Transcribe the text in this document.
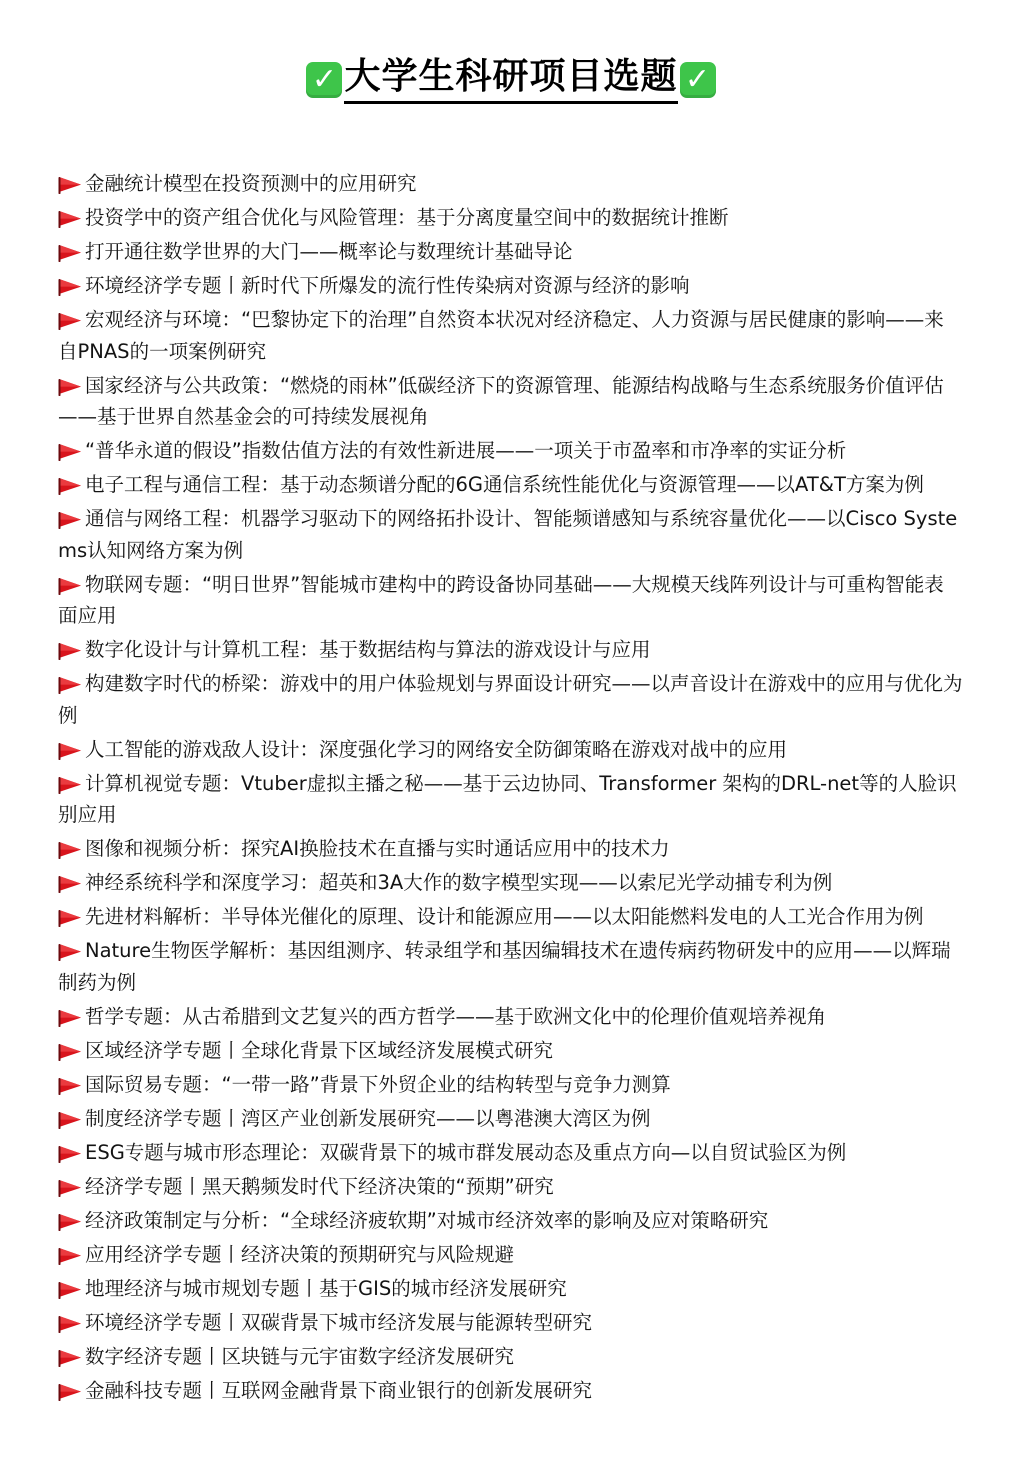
✓ 大学生科研项目选题 ✓
金融统计模型在投资预测中的应用研究
投资学中的资产组合优化与风险管理：基于分离度量空间中的数据统计推断
打开通往数学世界的大门——概率论与数理统计基础导论
环境经济学专题丨新时代下所爆发的流行性传染病对资源与经济的影响
宏观经济与环境：“巴黎协定下的治理”自然资本状况对经济稳定、人力资源与居民健康的影响——来自PNAS的一项案例研究
国家经济与公共政策：“燃烧的雨林”低碳经济下的资源管理、能源结构战略与生态系统服务价值评估——基于世界自然基金会的可持续发展视角
“普华永道的假设”指数估值方法的有效性新进展——一项关于市盈率和市净率的实证分析
电子工程与通信工程：基于动态频谱分配的6G通信系统性能优化与资源管理——以AT&T方案为例
通信与网络工程：机器学习驱动下的网络拓扑设计、智能频谱感知与系统容量优化——以Cisco Systems认知网络方案为例
物联网专题：“明日世界”智能城市建构中的跨设备协同基础——大规模天线阵列设计与可重构智能表面应用
数字化设计与计算机工程：基于数据结构与算法的游戏设计与应用
构建数字时代的桥梁：游戏中的用户体验规划与界面设计研究——以声音设计在游戏中的应用与优化为例
人工智能的游戏敌人设计：深度强化学习的网络安全防御策略在游戏对战中的应用
计算机视觉专题：Vtuber虚拟主播之秘——基于云边协同、Transformer 架构的DRL-net等的人脸识别应用
图像和视频分析：探究AI换脸技术在直播与实时通话应用中的技术力
神经系统科学和深度学习：超英和3A大作的数字模型实现——以索尼光学动捕专利为例
先进材料解析：半导体光催化的原理、设计和能源应用——以太阳能燃料发电的人工光合作用为例
Nature生物医学解析：基因组测序、转录组学和基因编辑技术在遗传病药物研发中的应用——以辉瑞制药为例
哲学专题：从古希腊到文艺复兴的西方哲学——基于欧洲文化中的伦理价值观培养视角
区域经济学专题丨全球化背景下区域经济发展模式研究
国际贸易专题：“一带一路”背景下外贸企业的结构转型与竞争力测算
制度经济学专题丨湾区产业创新发展研究——以粤港澳大湾区为例
ESG专题与城市形态理论：双碳背景下的城市群发展动态及重点方向—以自贸试验区为例
经济学专题丨黑天鹅频发时代下经济决策的“预期”研究
经济政策制定与分析：“全球经济疲软期”对城市经济效率的影响及应对策略研究
应用经济学专题丨经济决策的预期研究与风险规避
地理经济与城市规划专题丨基于GIS的城市经济发展研究
环境经济学专题丨双碳背景下城市经济发展与能源转型研究
数字经济专题丨区块链与元宇宙数字经济发展研究
金融科技专题丨互联网金融背景下商业银行的创新发展研究
